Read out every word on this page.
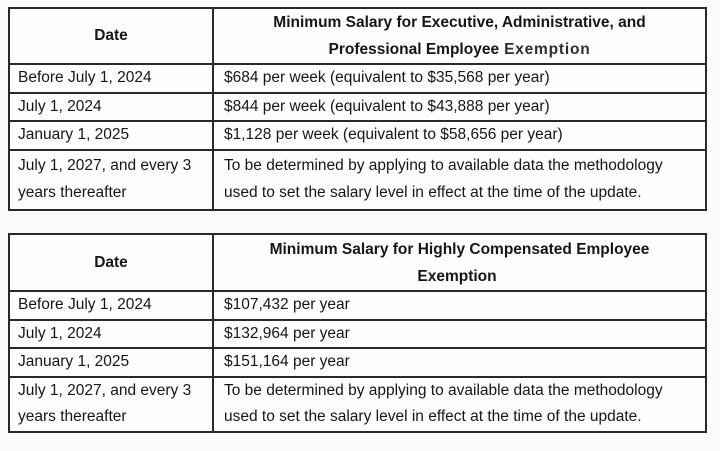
Date	Minimum Salary for Executive, Administrative, and
Professional Employee Exemption

Before July 1, 2024	$684 per week (equivalent to $35,568 per year)

July 1, 2024	$844 per week (equivalent to $43,888 per year)

January 1, 2025	$1,128 per week (equivalent to $58,656 per year)

July 1, 2027, and every 3 years thereafter	To be determined by applying to available data the methodology used to set the salary level in effect at the time of the update.
Date	Minimum Salary for Highly Compensated Employee
Exemption

Before July 1, 2024	$107,432 per year

July 1, 2024	$132,964 per year

January 1, 2025	$151,164 per year

July 1, 2027, and every 3 years thereafter	To be determined by applying to available data the methodology used to set the salary level in effect at the time of the update.
